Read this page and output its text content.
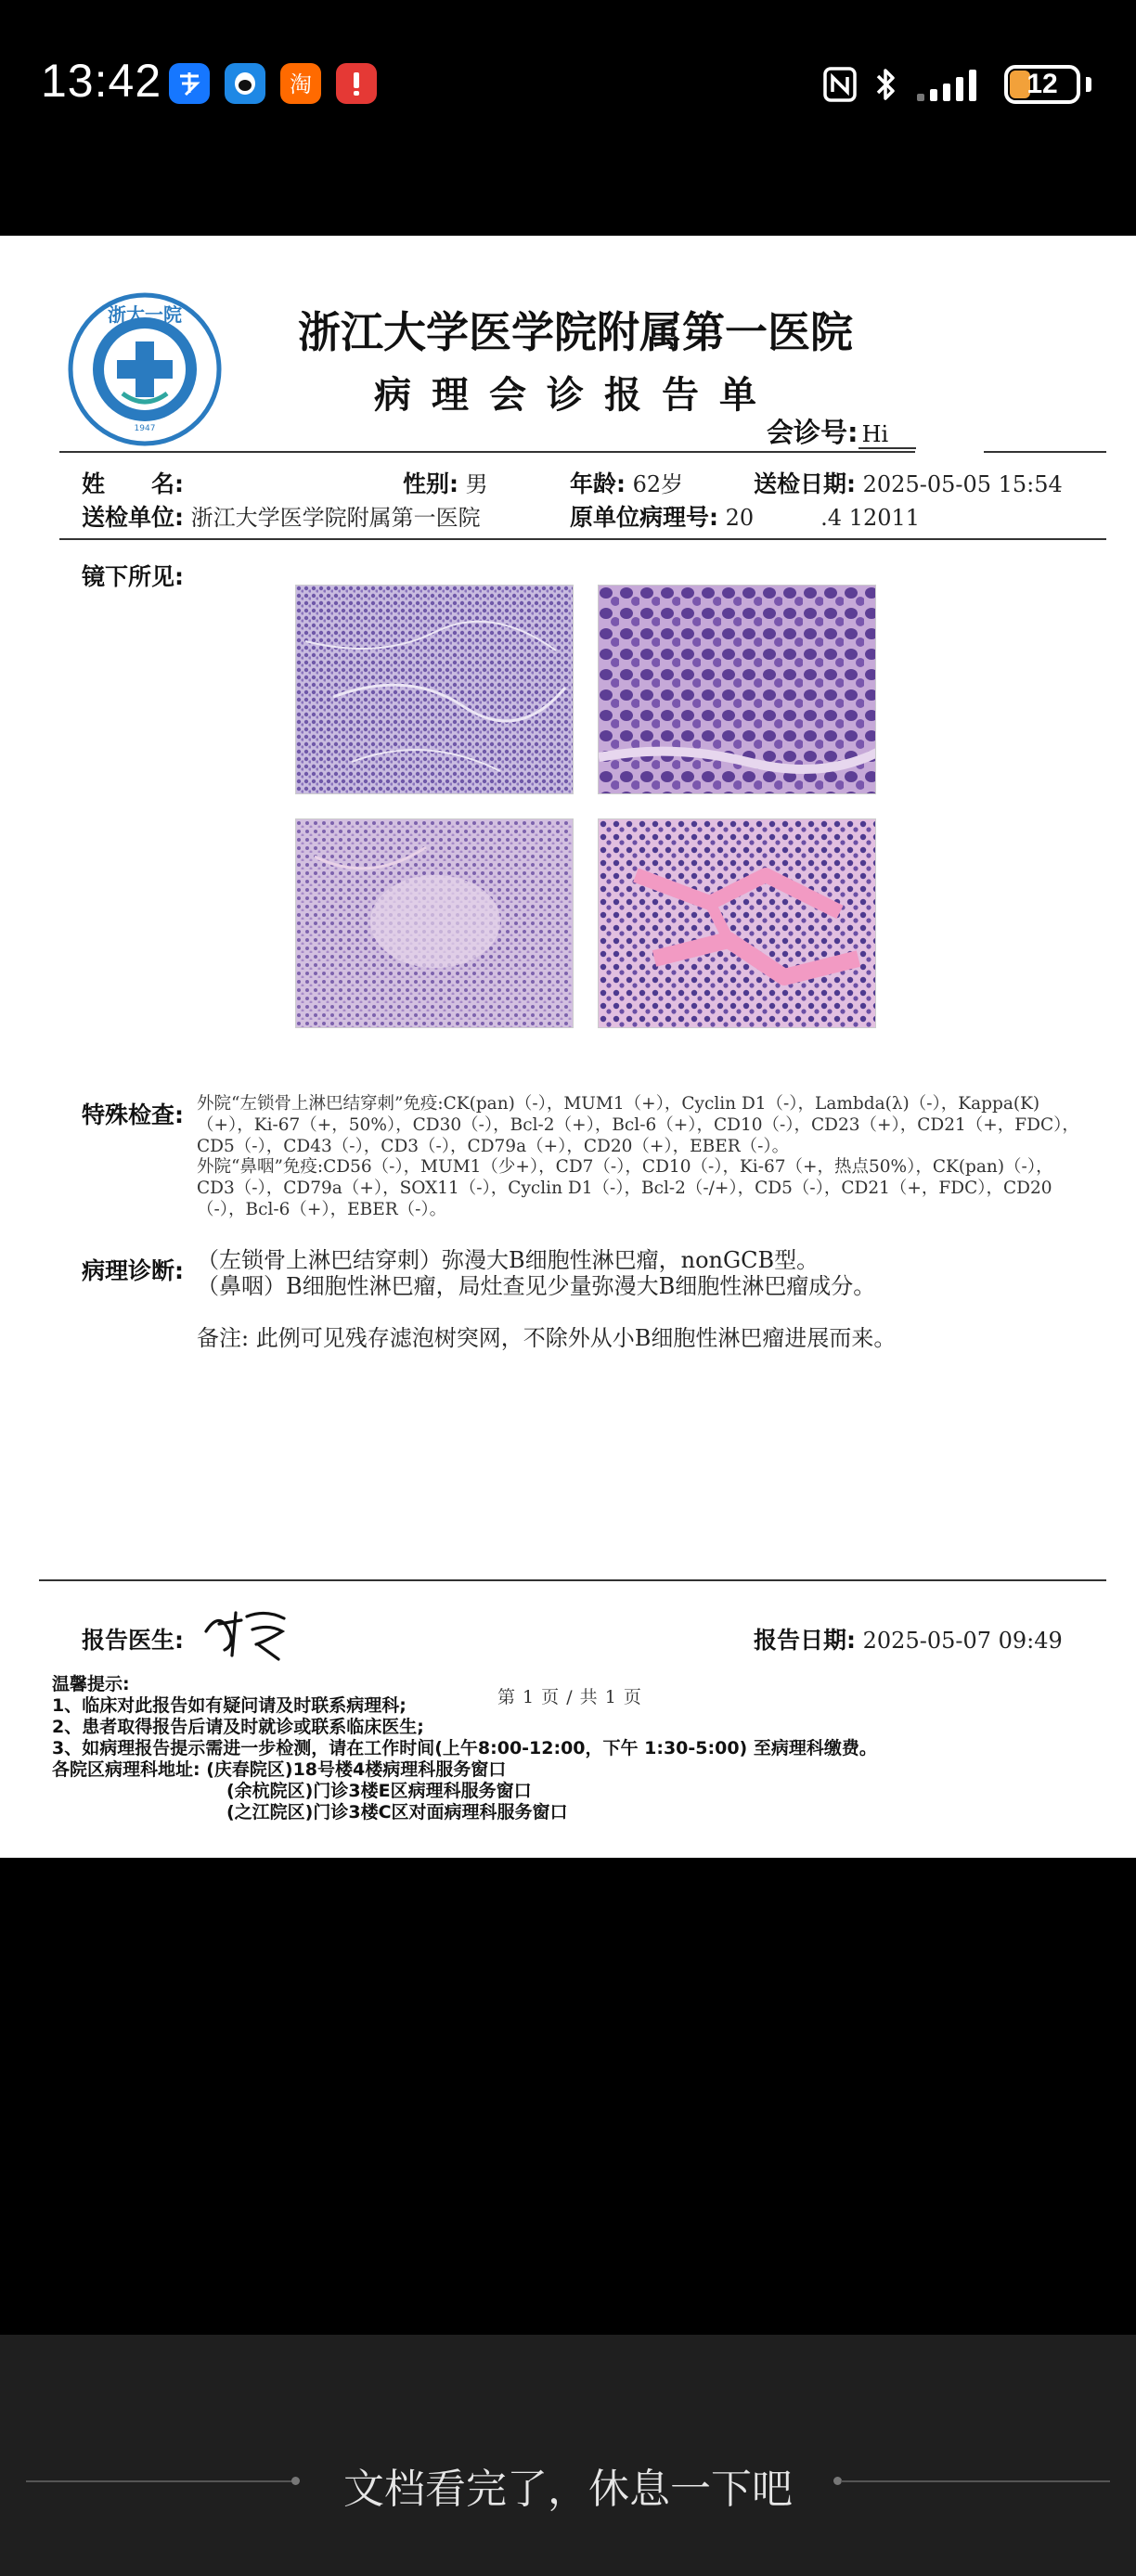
13:42	淘	12
浙大一院
1947
浙江大学医学院附属第一医院
病理会诊报告单
会诊号: Hi
姓　　名:	性别: 男	年龄: 62岁	送检日期: 2025-05-05 15:54
送检单位: 浙江大学医学院附属第一医院	原单位病理号: 20　　　.4 12011
镜下所见:
特殊检查: 外院“左锁骨上淋巴结穿刺”免疫:CK(pan)（-），MUM1（+），Cyclin D1（-），Lambda(λ)（-），Kappa(K)（+），Ki-67（+，50%），CD30（-），Bcl-2（+），Bcl-6（+），CD10（-），CD23（+），CD21（+，FDC），CD5（-），CD43（-），CD3（-），CD79a（+），CD20（+），EBER（-）。
外院“鼻咽”免疫:CD56（-），MUM1（少+），CD7（-），CD10（-），Ki-67（+，热点50%），CK(pan)（-），CD3（-），CD79a（+），SOX11（-），Cyclin D1（-），Bcl-2（-/+），CD5（-），CD21（+，FDC），CD20（-），Bcl-6（+），EBER（-）。
病理诊断: （左锁骨上淋巴结穿刺）弥漫大B细胞性淋巴瘤，nonGCB型。
（鼻咽）B细胞性淋巴瘤，局灶查见少量弥漫大B细胞性淋巴瘤成分。
备注: 此例可见残存滤泡树突网，不除外从小B细胞性淋巴瘤进展而来。
报告医生:	报告日期: 2025-05-07 09:49
温馨提示:
1、临床对此报告如有疑问请及时联系病理科;
2、患者取得报告后请及时就诊或联系临床医生;
3、如病理报告提示需进一步检测，请在工作时间(上午8:00-12:00，下午 1:30-5:00) 至病理科缴费。
各院区病理科地址: (庆春院区)18号楼4楼病理科服务窗口
(余杭院区)门诊3楼E区病理科服务窗口
(之江院区)门诊3楼C区对面病理科服务窗口
第 1 页 / 共 1 页
文档看完了，休息一下吧
